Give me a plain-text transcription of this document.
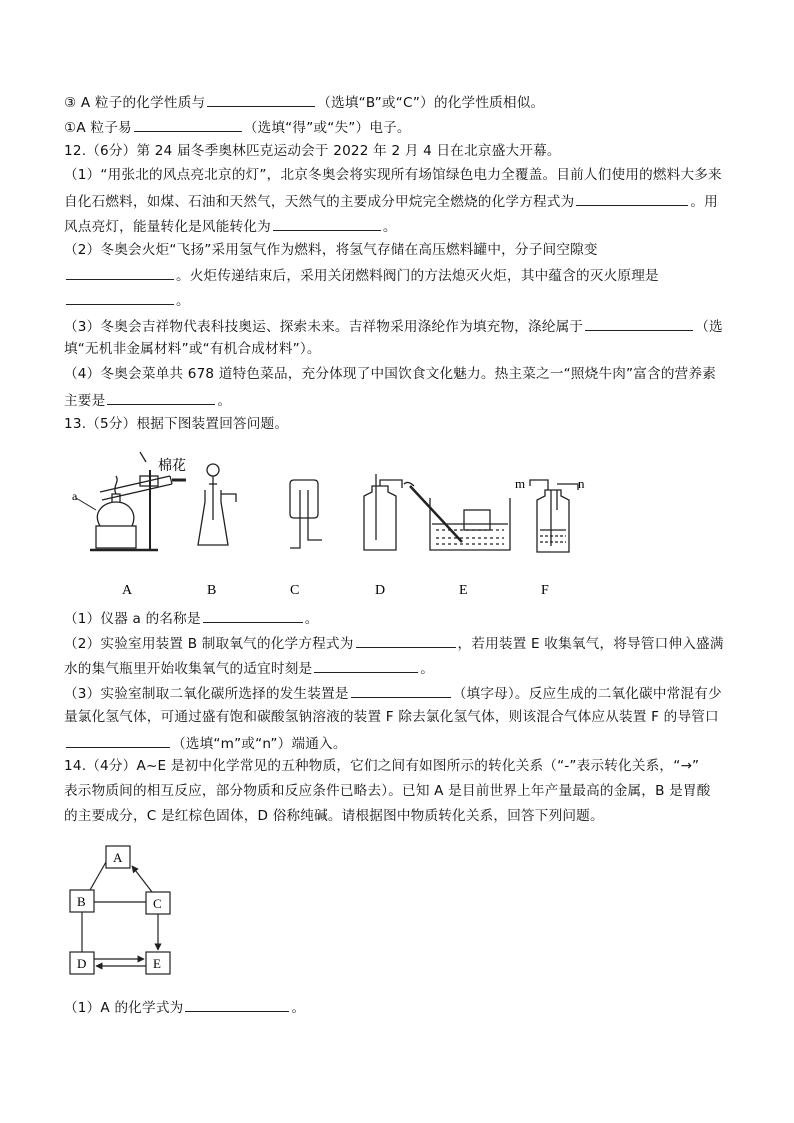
③ A 粒子的化学性质与	（选填“B”或“C”）的化学性质相似。
①A 粒子易	（选填“得”或“失”）电子。
12.（6分）第 24 届冬季奥林匹克运动会于 2022 年 2 月 4 日在北京盛大开幕。
（1）“用张北的风点亮北京的灯”，北京冬奥会将实现所有场馆绿色电力全覆盖。目前人们使用的燃料大多来
自化石燃料，如煤、石油和天然气，天然气的主要成分甲烷完全燃烧的化学方程式为	。用
风点亮灯，能量转化是风能转化为	。
（2）冬奥会火炬“飞扬”采用氢气作为燃料，将氢气存储在高压燃料罐中，分子间空隙变
。火炬传递结束后，采用关闭燃料阀门的方法熄灭火炬，其中蕴含的灭火原理是
。
（3）冬奥会吉祥物代表科技奥运、探索未来。吉祥物采用涤纶作为填充物，涤纶属于	（选
填“无机非金属材料”或“有机合成材料”）。
（4）冬奥会菜单共 678 道特色菜品，充分体现了中国饮食文化魅力。热主菜之一“照烧牛肉”富含的营养素
主要是	。
13.（5分）根据下图装置回答问题。
棉花
a
m	n
A	B	C	D	E	F
（1）仪器 a 的名称是	。
（2）实验室用装置 B 制取氧气的化学方程式为	，若用装置 E 收集氧气，将导管口伸入盛满
水的集气瓶里开始收集氧气的适宜时刻是	。
（3）实验室制取二氧化碳所选择的发生装置是	（填字母）。反应生成的二氧化碳中常混有少
量氯化氢气体，可通过盛有饱和碳酸氢钠溶液的装置 F 除去氯化氢气体，则该混合气体应从装置 F 的导管口
（选填“m”或“n”）端通入。
14.（4分）A~E 是初中化学常见的五种物质，它们之间有如图所示的转化关系（“-”表示转化关系，“→”
表示物质间的相互反应，部分物质和反应条件已略去）。已知 A 是目前世界上年产量最高的金属，B 是胃酸
的主要成分，C 是红棕色固体，D 俗称纯碱。请根据图中物质转化关系，回答下列问题。
A
B	C
D	E
（1）A 的化学式为	。
